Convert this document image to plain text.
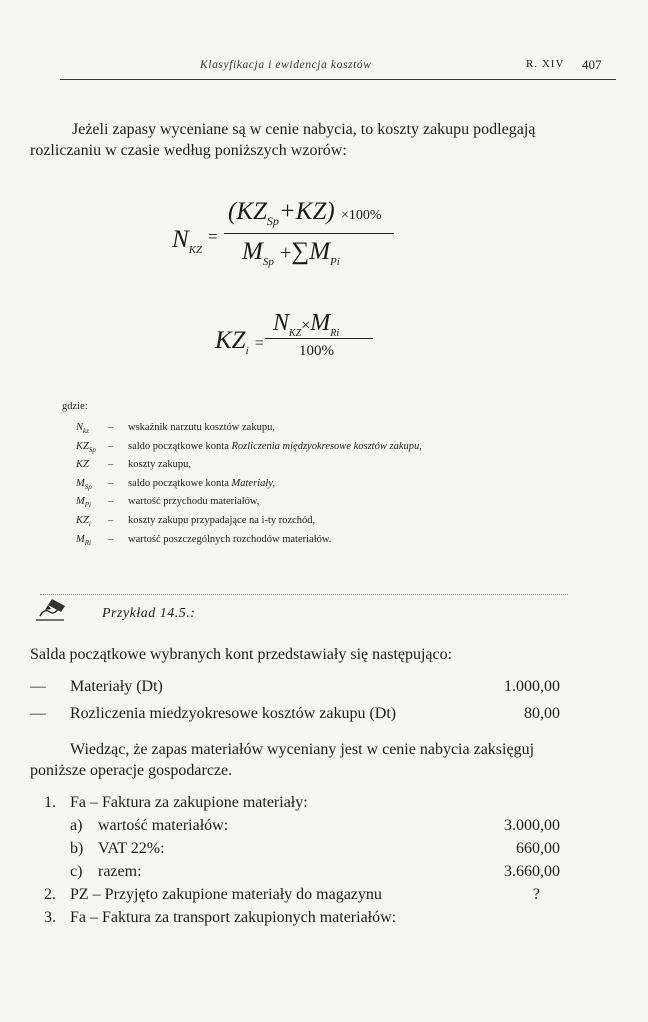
Klasyfikacja i ewidencja kosztów	R. XIV 407
Jeżeli zapasy wyceniane są w cenie nabycia, to koszty zakupu podlegają rozliczaniu w czasie według poniższych wzorów:
$N_{KZ}$
=
$(KZ_{Sp}+KZ) \times 100\%$
$M_{Sp} +\sum M_{Pi}$
$KZ_i$ =
$N_{KZ}\times M_{Ri}$
100%
gdzie:
$N_{kz}$ – wskaźnik narzutu kosztów zakupu,
$KZ_{Sp}$ – saldo początkowe konta Rozliczenia międzyokresowe kosztów zakupu,
KZ – koszty zakupu,
$M_{Sp}$ – saldo początkowe konta Materiały,
$M_{Pi}$ – wartość przychodu materiałów,
$KZ_i$ – koszty zakupu przypadające na i-ty rozchód,
$M_{Ri}$ – wartość poszczególnych rozchodów materiałów.
Przykład 14.5.:
Salda początkowe wybranych kont przedstawiały się następująco:
— Materiały (Dt)	1.000,00
— Rozliczenia miedzyokresowe kosztów zakupu (Dt)	80,00
Wiedząc, że zapas materiałów wyceniany jest w cenie nabycia zaksięguj poniższe operacje gospodarcze.
1. Fa – Faktura za zakupione materiały:
a) wartość materiałów:	3.000,00
b) VAT 22%:	660,00
c) razem:	3.660,00
2. PZ – Przyjęto zakupione materiały do magazynu	?
3. Fa – Faktura za transport zakupionych materiałów:
